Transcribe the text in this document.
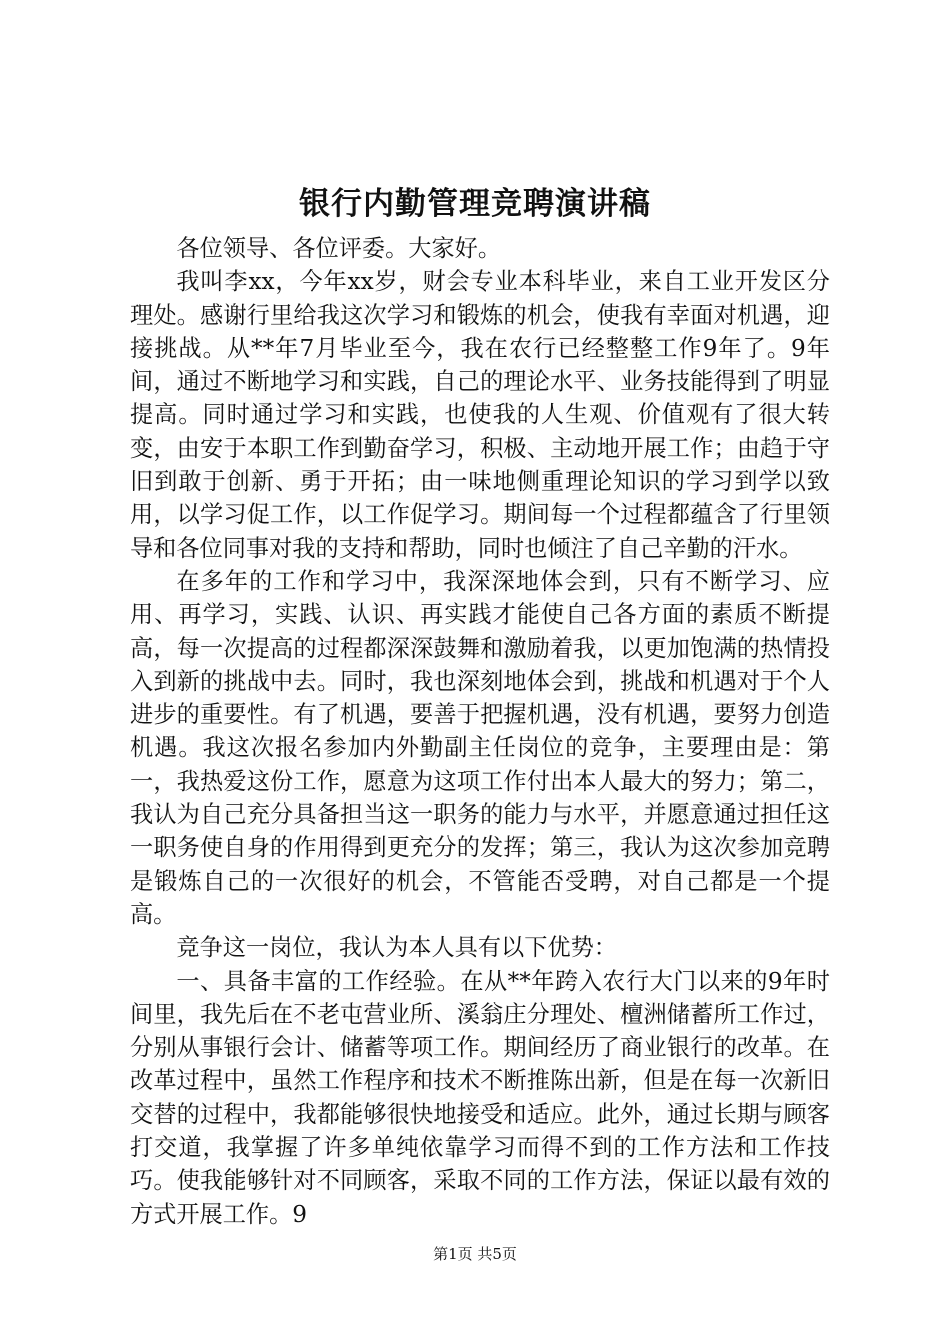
银行内勤管理竞聘演讲稿

各位领导、各位评委。大家好。

我叫李xx，今年xx岁，财会专业本科毕业，来自工业开发区分理处。感谢行里给我这次学习和锻炼的机会，使我有幸面对机遇，迎接挑战。从**年7月毕业至今，我在农行已经整整工作9年了。9年间，通过不断地学习和实践，自己的理论水平、业务技能得到了明显提高。同时通过学习和实践，也使我的人生观、价值观有了很大转变，由安于本职工作到勤奋学习，积极、主动地开展工作；由趋于守旧到敢于创新、勇于开拓；由一味地侧重理论知识的学习到学以致用，以学习促工作，以工作促学习。期间每一个过程都蕴含了行里领导和各位同事对我的支持和帮助，同时也倾注了自己辛勤的汗水。

在多年的工作和学习中，我深深地体会到，只有不断学习、应用、再学习，实践、认识、再实践才能使自己各方面的素质不断提高，每一次提高的过程都深深鼓舞和激励着我，以更加饱满的热情投入到新的挑战中去。同时，我也深刻地体会到，挑战和机遇对于个人进步的重要性。有了机遇，要善于把握机遇，没有机遇，要努力创造机遇。我这次报名参加内外勤副主任岗位的竞争，主要理由是：第一，我热爱这份工作，愿意为这项工作付出本人最大的努力；第二，我认为自己充分具备担当这一职务的能力与水平，并愿意通过担任这一职务使自身的作用得到更充分的发挥；第三，我认为这次参加竞聘是锻炼自己的一次很好的机会，不管能否受聘，对自己都是一个提高。

竞争这一岗位，我认为本人具有以下优势：

一、具备丰富的工作经验。在从**年跨入农行大门以来的9年时间里，我先后在不老屯营业所、溪翁庄分理处、檀洲储蓄所工作过，分别从事银行会计、储蓄等项工作。期间经历了商业银行的改革。在改革过程中，虽然工作程序和技术不断推陈出新，但是在每一次新旧交替的过程中，我都能够很快地接受和适应。此外，通过长期与顾客打交道，我掌握了许多单纯依靠学习而得不到的工作方法和工作技巧。使我能够针对不同顾客，采取不同的工作方法，保证以最有效的方式开展工作。9

第1页 共5页
